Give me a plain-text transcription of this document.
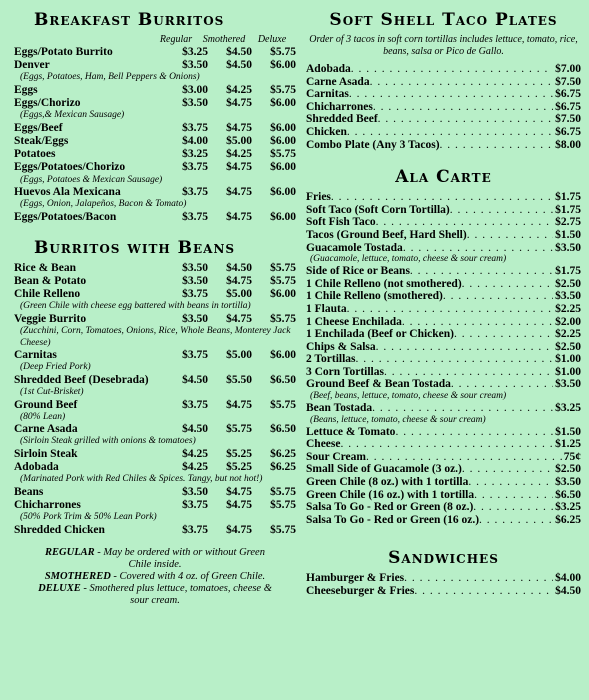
Breakfast Burritos
Regular	Smothered	Deluxe
Eggs/Potato Burrito	$3.25	$4.50	$5.75
Denver	$3.50	$4.50	$6.00
(Eggs, Potatoes, Ham, Bell Peppers & Onions)
Eggs	$3.00	$4.25	$5.75
Eggs/Chorizo	$3.50	$4.75	$6.00
(Eggs,& Mexican Sausage)
Eggs/Beef	$3.75	$4.75	$6.00
Steak/Eggs	$4.00	$5.00	$6.00
Potatoes	$3.25	$4.25	$5.75
Eggs/Potatoes/Chorizo	$3.75	$4.75	$6.00
(Eggs, Potatoes & Mexican Sausage)
Huevos Ala Mexicana	$3.75	$4.75	$6.00
(Eggs, Onion, Jalapeños, Bacon & Tomato)
Eggs/Potatoes/Bacon	$3.75	$4.75	$6.00
Burritos with Beans
Rice & Bean	$3.50	$4.50	$5.75
Bean & Potato	$3.50	$4.75	$5.75
Chile Relleno	$3.75	$5.00	$6.00
(Green Chile with cheese egg battered with beans in tortilla)
Veggie Burrito	$3.50	$4.75	$5.75
(Zucchini, Corn, Tomatoes, Onions, Rice, Whole Beans, Monterey Jack Cheese)
Carnitas	$3.75	$5.00	$6.00
(Deep Fried Pork)
Shredded Beef (Desebrada)	$4.50	$5.50	$6.50
(1st Cut-Brisket)
Ground Beef	$3.75	$4.75	$5.75
(80% Lean)
Carne Asada	$4.50	$5.75	$6.50
(Sirloin Steak grilled with onions & tomatoes)
Sirloin Steak	$4.25	$5.25	$6.25
Adobada	$4.25	$5.25	$6.25
(Marinated Pork with Red Chiles & Spices. Tangy, but not hot!)
Beans	$3.50	$4.75	$5.75
Chicharrones	$3.75	$4.75	$5.75
(50% Pork Trim & 50% Lean Pork)
Shredded Chicken	$3.75	$4.75	$5.75
REGULAR - May be ordered with or without Green Chile inside.
SMOTHERED - Covered with 4 oz. of Green Chile.
DELUXE - Smothered plus lettuce, tomatoes, cheese & sour cream.
Soft Shell Taco Plates
Order of 3 tacos in soft corn tortillas includes lettuce, tomato, rice, beans, salsa or Pico de Gallo.
Adobada . . .	$7.00
Carne Asada . . .	$7.50
Carnitas . . .	$6.75
Chicharrones . . .	$6.75
Shredded Beef . . .	$7.50
Chicken . . .	$6.75
Combo Plate (Any 3 Tacos) . . .	$8.00
Ala Carte
Fries . . .	$1.75
Soft Taco (Soft Corn Tortilla) . . .	$1.75
Soft Fish Taco . . .	$2.75
Tacos (Ground Beef, Hard Shell) . . .	$1.50
Guacamole Tostada . . .	$3.50
(Guacamole, lettuce, tomato, cheese & sour cream)
Side of Rice or Beans . . .	$1.75
1 Chile Relleno (not smothered) . . .	$2.50
1 Chile Relleno (smothered) . . .	$3.50
1 Flauta . . .	$2.25
1 Cheese Enchilada . . .	$2.00
1 Enchilada (Beef or Chicken) . . .	$2.25
Chips & Salsa . . .	$2.50
2 Tortillas . . .	$1.00
3 Corn Tortillas . . .	$1.00
Ground Beef & Bean Tostada . . .	$3.50
(Beef, beans, lettuce, tomato, cheese & sour cream)
Bean Tostada . . .	$3.25
(Beans, lettuce, tomato, cheese & sour cream)
Lettuce & Tomato . . .	$1.50
Cheese . . .	$1.25
Sour Cream . . .	75¢
Small Side of Guacamole (3 oz.) . . .	$2.50
Green Chile (8 oz.) with 1 tortilla . . .	$3.50
Green Chile (16 oz.) with 1 tortilla . . .	$6.50
Salsa To Go - Red or Green (8 oz.) . . .	$3.25
Salsa To Go - Red or Green (16 oz.) . . .	$6.25
Sandwiches
Hamburger & Fries . . .	$4.00
Cheeseburger & Fries . . .	$4.50
